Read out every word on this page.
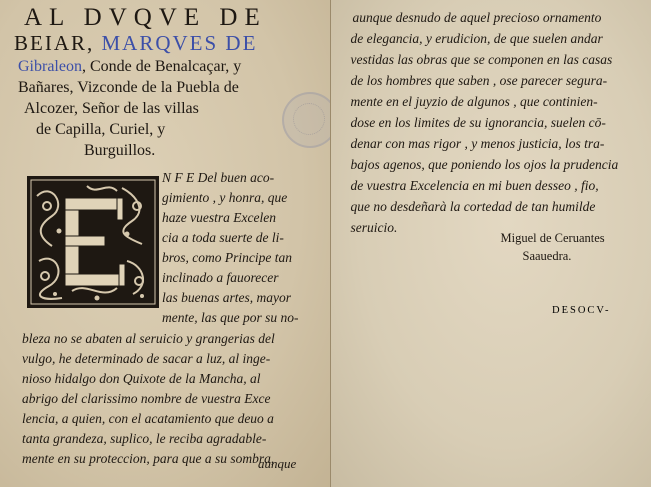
AL DVQVE DE
BEIAR, MARQVES DE
Gibraleon, Conde de Benalcaçar, y
Bañares, Vizconde de la Puebla de
Alcozer, Señor de las villas
de Capilla, Curiel, y
Burguillos.
N F E Del buen aco-
gimiento , y honra, que
haze vuestra Excelen
cia a toda suerte de li-
bros, como Principe tan
inclinado a fauorecer
las buenas artes, mayor
mente, las que por su no-
bleza no se abaten al seruicio y grangerias del
vulgo, he determinado de sacar a luz, al inge-
nioso hidalgo don Quixote de la Mancha, al
abrigo del clarissimo nombre de vuestra Exce
lencia, a quien, con el acatamiento que deuo a
tanta grandeza, suplico, le reciba agradable-
mente en su proteccion, para que a su sombra,
aunque
aunque desnudo de aquel precioso ornamento
de elegancia, y erudicion, de que suelen andar
vestidas las obras que se componen en las casas
de los hombres que saben , ose parecer segura-
mente en el juyzio de algunos , que continien-
dose en los limites de su ignorancia, suelen cō-
denar con mas rigor , y menos justicia, los tra-
bajos agenos, que poniendo los ojos la prudencia
de vuestra Excelencia en mi buen desseo , fio,
que no desdeñarà la cortedad de tan humilde
seruicio.
Miguel de Ceruantes
Saauedra.
DESOCV-
